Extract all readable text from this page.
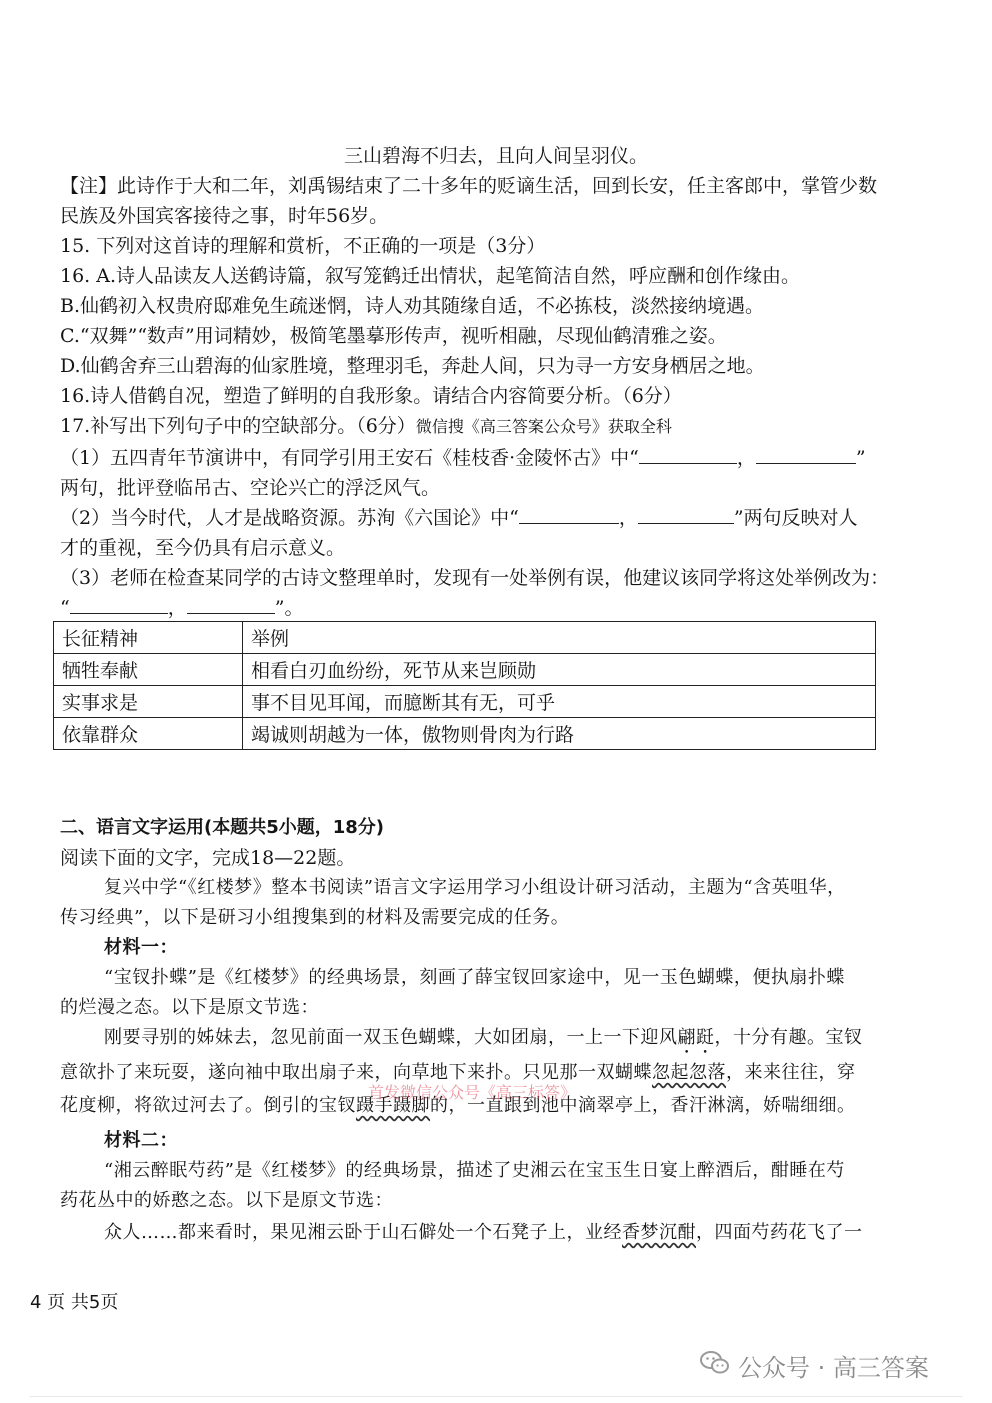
三山碧海不归去，且向人间呈羽仪。
【注】此诗作于大和二年，刘禹锡结束了二十多年的贬谪生活，回到长安，任主客郎中，掌管少数
民族及外国宾客接待之事，时年56岁。
15. 下列对这首诗的理解和赏析，不正确的一项是（3分）
16. A.诗人品读友人送鹤诗篇，叙写笼鹤迁出情状，起笔简洁自然，呼应酬和创作缘由。
B.仙鹤初入权贵府邸难免生疏迷惘，诗人劝其随缘自适，不必拣枝，淡然接纳境遇。
C.“双舞”“数声”用词精妙，极简笔墨摹形传声，视听相融，尽现仙鹤清雅之姿。
D.仙鹤舍弃三山碧海的仙家胜境，整理羽毛，奔赴人间，只为寻一方安身栖居之地。
16.诗人借鹤自况，塑造了鲜明的自我形象。请结合内容简要分析。（6分）
17.补写出下列句子中的空缺部分。（6分）微信搜《高三答案公众号》获取全科
（1）五四青年节演讲中，有同学引用王安石《桂枝香·金陵怀古》中“	，	”
两句，批评登临吊古、空论兴亡的浮泛风气。
（2）当今时代，人才是战略资源。苏洵《六国论》中“	，	”两句反映对人
才的重视，至今仍具有启示意义。
（3）老师在检查某同学的古诗文整理单时，发现有一处举例有误，他建议该同学将这处举例改为：
“	，	”。
长征精神	举例
牺牲奉献	相看白刃血纷纷，死节从来岂顾勋
实事求是	事不目见耳闻，而臆断其有无，可乎
依靠群众	竭诚则胡越为一体，傲物则骨肉为行路
二、语言文字运用(本题共5小题，18分)
阅读下面的文字，完成18—22题。
复兴中学“《红楼梦》整本书阅读”语言文字运用学习小组设计研习活动，主题为“含英咀华，
传习经典”，以下是研习小组搜集到的材料及需要完成的任务。
材料一：
“宝钗扑蝶”是《红楼梦》的经典场景，刻画了薛宝钗回家途中，见一玉色蝴蝶，便执扇扑蝶
的烂漫之态。以下是原文节选：
刚要寻别的姊妹去，忽见前面一双玉色蝴蝶，大如团扇，一上一下迎风翩跹，十分有趣。宝钗
意欲扑了来玩耍，遂向袖中取出扇子来，向草地下来扑。只见那一双蝴蝶忽起忽落，来来往往，穿
花度柳，将欲过河去了。倒引的宝钗蹑手蹑脚的，一直跟到池中滴翠亭上，香汗淋漓，娇喘细细。
首发微信公众号《高三标答》
材料二：
“湘云醉眠芍药”是《红楼梦》的经典场景，描述了史湘云在宝玉生日宴上醉酒后，酣睡在芍
药花丛中的娇憨之态。以下是原文节选：
众人……都来看时，果见湘云卧于山石僻处一个石凳子上，业经香梦沉酣，四面芍药花飞了一
4 页 共5页
公众号 · 高三答案
